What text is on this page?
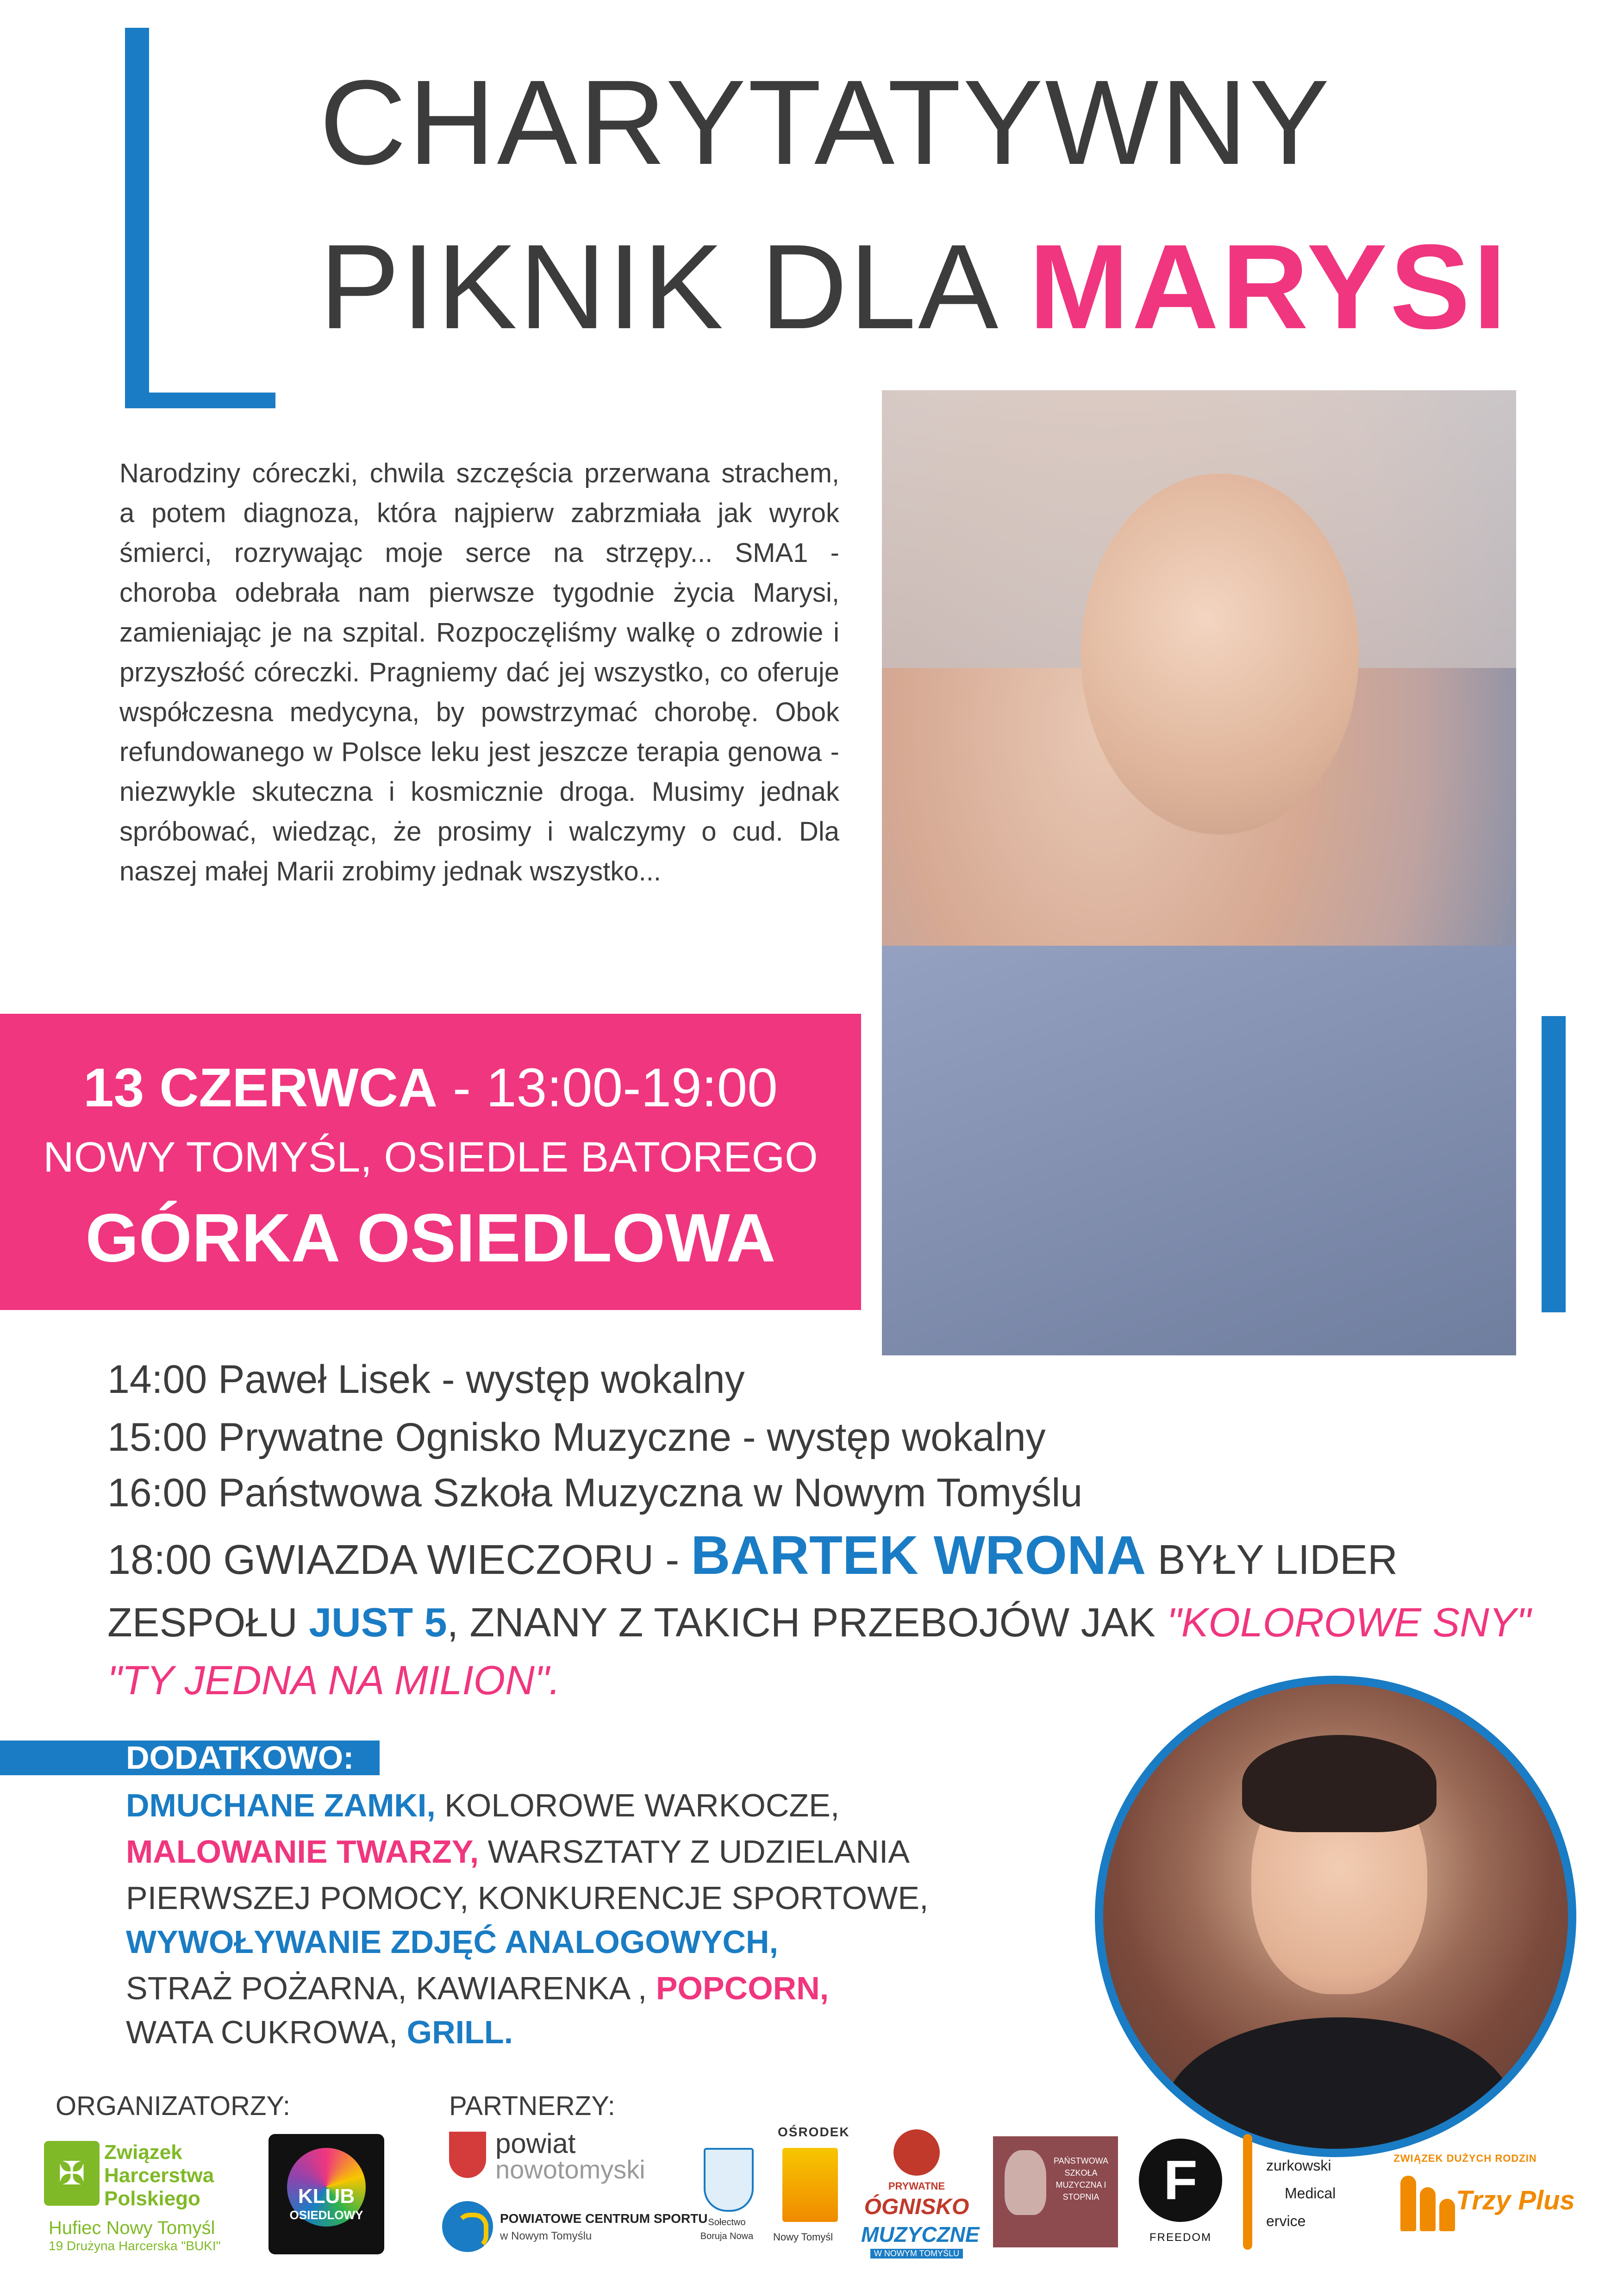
CHARYTATYWNY
PIKNIK DLA MARYSI
Narodziny córeczki, chwila szczęścia przerwana strachem, a potem diagnoza, która najpierw zabrzmiała jak wyrok śmierci, rozrywając moje serce na strzępy... SMA1 - choroba odebrała nam pierwsze tygodnie życia Marysi, zamieniając je na szpital. Rozpoczęliśmy walkę o zdrowie i przyszłość córeczki. Pragniemy dać jej wszystko, co oferuje współczesna medycyna, by powstrzymać chorobę. Obok refundowanego w Polsce leku jest jeszcze terapia genowa - niezwykle skuteczna i kosmicznie droga. Musimy jednak spróbować, wiedząc, że prosimy i walczymy o cud. Dla naszej małej Marii zrobimy jednak wszystko...
13 CZERWCA - 13:00-19:00
NOWY TOMYŚL, OSIEDLE BATOREGO
GÓRKA OSIEDLOWA
14:00 Paweł Lisek - występ wokalny
15:00 Prywatne Ognisko Muzyczne - występ wokalny
16:00 Państwowa Szkoła Muzyczna w Nowym Tomyślu
18:00 GWIAZDA WIECZORU - BARTEK WRONA BYŁY LIDER
ZESPOŁU JUST 5, ZNANY Z TAKICH PRZEBOJÓW JAK "KOLOROWE SNY"
"TY JEDNA NA MILION".
DODATKOWO:
DMUCHANE ZAMKI, KOLOROWE WARKOCZE,
MALOWANIE TWARZY, WARSZTATY Z UDZIELANIA
PIERWSZEJ POMOCY, KONKURENCJE SPORTOWE,
WYWOŁYWANIE ZDJĘĆ ANALOGOWYCH,
STRAŻ POŻARNA, KAWIARENKA , POPCORN,
WATA CUKROWA, GRILL.
ORGANIZATORZY:	PARTNERZY:
✠
Związek Harcerstwa Polskiego
Hufiec Nowy Tomyśl
19 Drużyna Harcerska "BUKI"
KLUB
OSIEDLOWY
powiat
nowotomyski
POWIATOWE CENTRUM SPORTU
w Nowym Tomyślu
Sołectwo
Boruja Nowa
OŚRODEK
Nowy Tomyśl
PRYWATNE
ÓGNISKO
MUZYCZNE
W NOWYM TOMYŚLU
PAŃSTWOWA SZKOŁA MUZYCZNA I STOPNIA	F
FREEDOM
zurkowski
Medical
ervice
ZWIĄZEK DUŻYCH RODZIN
Trzy Plus
